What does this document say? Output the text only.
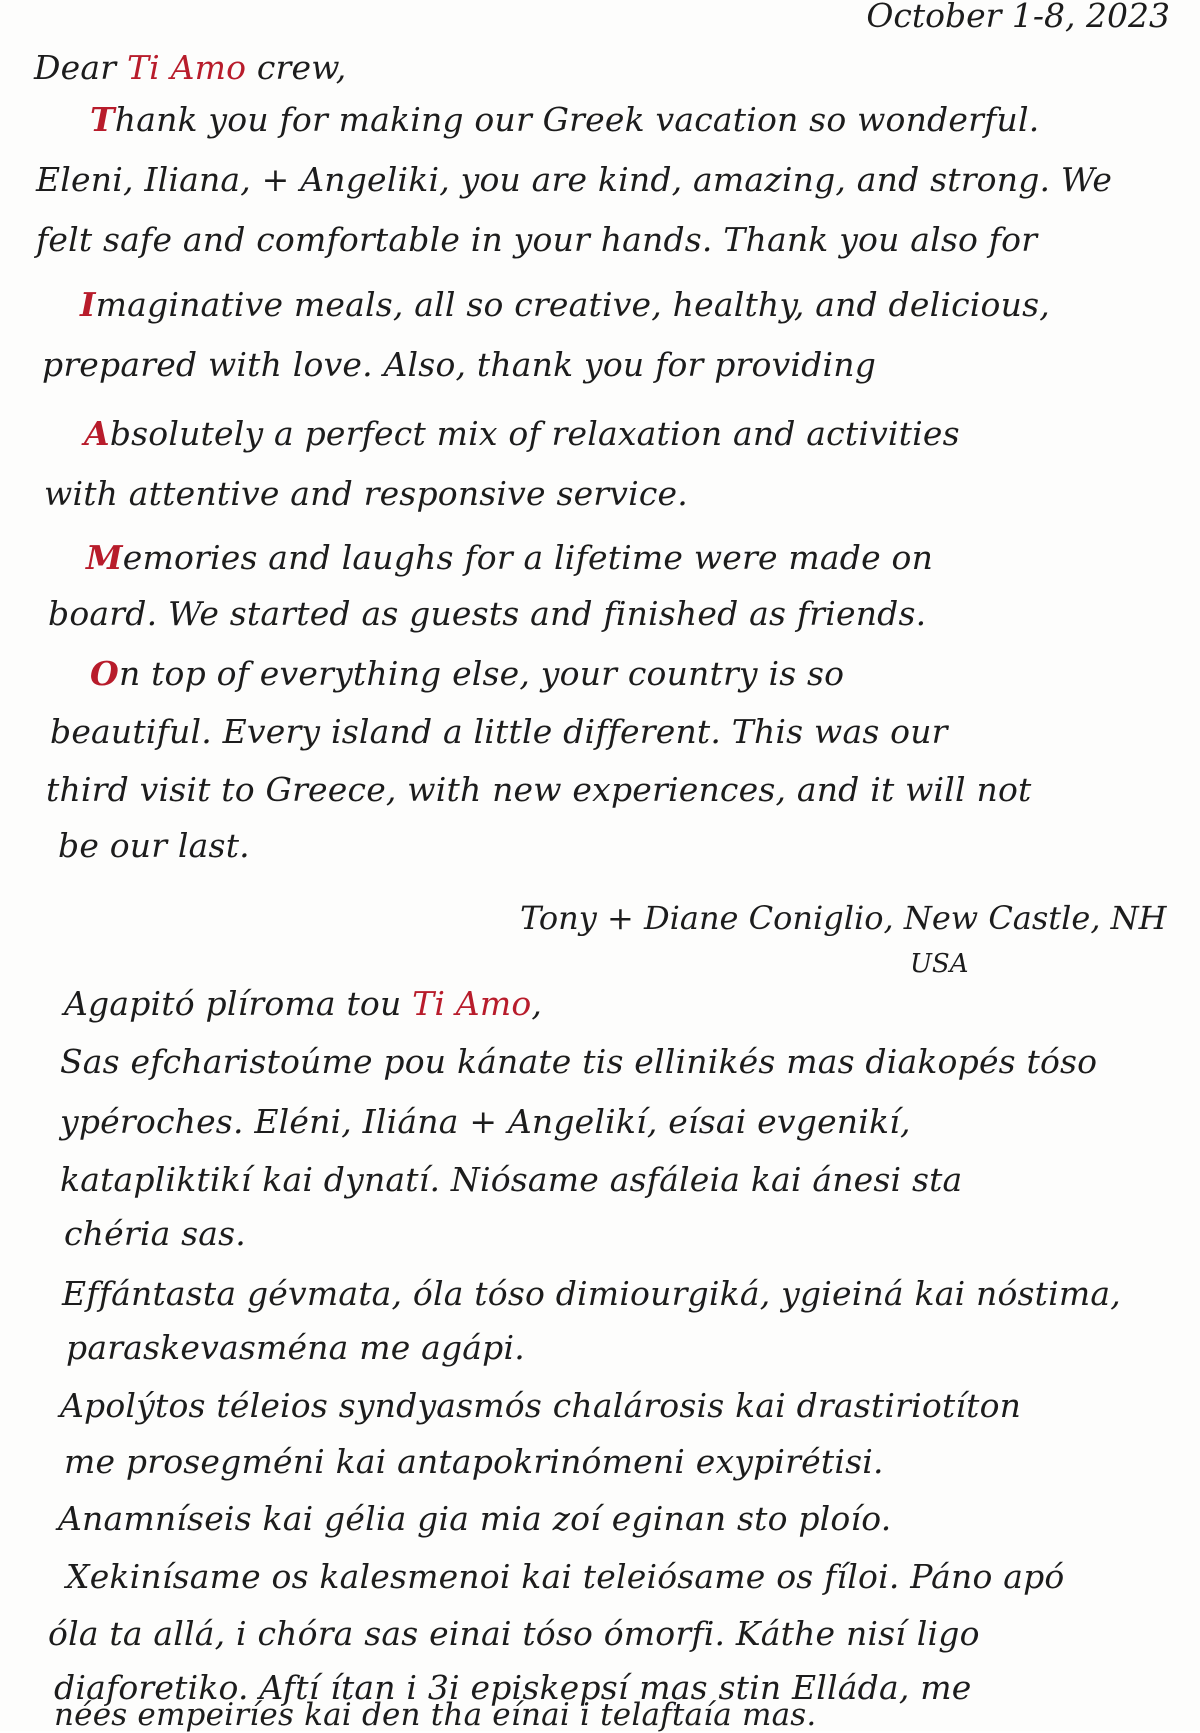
October 1-8, 2023
Dear Ti Amo crew,
Thank you for making our Greek vacation so wonderful.
Eleni, Iliana, + Angeliki, you are kind, amazing, and strong. We
felt safe and comfortable in your hands. Thank you also for
Imaginative meals, all so creative, healthy, and delicious,
prepared with love. Also, thank you for providing
Absolutely a perfect mix of relaxation and activities
with attentive and responsive service.
Memories and laughs for a lifetime were made on
board. We started as guests and finished as friends.
On top of everything else, your country is so
beautiful. Every island a little different. This was our
third visit to Greece, with new experiences, and it will not
be our last.
Tony + Diane Coniglio, New Castle, NH
USA
Agapitó plíroma tou Ti Amo,
Sas efcharistoúme pou kánate tis ellinikés mas diakopés tóso
ypéroches. Eléni, Iliána + Angelikí, eísai evgenikí,
katapliktikí kai dynatí. Niósame asfáleia kai ánesi sta
chéria sas.
Effántasta gévmata, óla tóso dimiourgiká, ygieiná kai nóstima,
paraskevasména me agápi.
Apolýtos téleios syndyasmós chalárosis kai drastiriotíton
me prosegméni kai antapokrinómeni exypirétisi.
Anamníseis kai gélia gia mia zoí eginan sto ploío.
Xekinísame os kalesmenoi kai teleiósame os fíloi. Páno apó
óla ta allá, i chóra sas einai tóso ómorfi. Káthe nisí ligo
diaforetiko. Aftí ítan i 3i episkepsí mas stin Elláda, me
nées empeiríes kai den tha eínai i telaftaía mas.
